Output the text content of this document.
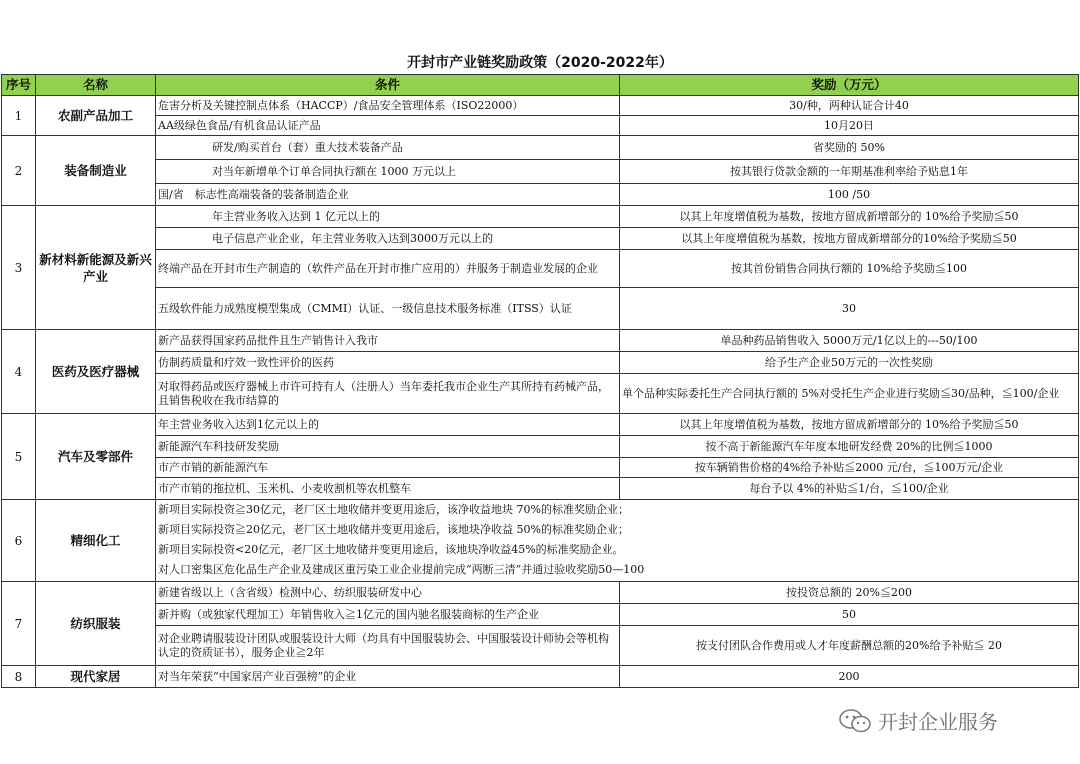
开封市产业链奖励政策（2020-2022年）
序号	名称	条件	奖励（万元）
1	农副产品加工	危害分析及关键控制点体系（HACCP）/食品安全管理体系（ISO22000）	30/种，两种认证合计40
		AA级绿色食品/有机食品认证产品	10月20日
2	装备制造业	研发/购买首台（套）重大技术装备产品	省奖励的 50%
		对当年新增单个订单合同执行额在 1000 万元以上	按其银行贷款金额的一年期基准利率给予贴息1年
		国/省　标志性高端装备的装备制造企业	100 /50
3	新材料新能源及新兴产业	年主营业务收入达到 1 亿元以上的	以其上年度增值税为基数，按地方留成新增部分的 10%给予奖励≦50
		电子信息产业企业，年主营业务收入达到3000万元以上的	以其上年度增值税为基数，按地方留成新增部分的10%给予奖励≦50
		终端产品在开封市生产制造的（软件产品在开封市推广应用的）并服务于制造业发展的企业	按其首份销售合同执行额的 10%给予奖励≦100
		五级软件能力成熟度模型集成（CMMI）认证、一级信息技术服务标准（ITSS）认证	30
4	医药及医疗器械	新产品获得国家药品批件且生产销售计入我市	单品种药品销售收入 5000万元/1亿以上的---50/100
		仿制药质量和疗效一致性评价的医药	给予生产企业50万元的一次性奖励
		对取得药品或医疗器械上市许可持有人（注册人）当年委托我市企业生产其所持有药械产品，且销售税收在我市结算的	单个品种实际委托生产合同执行额的 5%对受托生产企业进行奖励≦30/品种，≦100/企业
5	汽车及零部件	年主营业务收入达到1亿元以上的	以其上年度增值税为基数，按地方留成新增部分的 10%给予奖励≦50
		新能源汽车科技研发奖励	按不高于新能源汽车年度本地研发经费 20%的比例≦1000
		市产市销的新能源汽车	按车辆销售价格的4%给予补贴≦2000 元/台，≦100万元/企业
		市产市销的拖拉机、玉米机、小麦收割机等农机整车	每台予以 4%的补贴≦1/台，≦100/企业
6	精细化工	新项目实际投资≧30亿元，老厂区土地收储并变更用途后，该净收益地块 70%的标准奖励企业；	
		新项目实际投资≧20亿元，老厂区土地收储并变更用途后，该地块净收益 50%的标准奖励企业；	
		新项目实际投资<20亿元，老厂区土地收储并变更用途后，该地块净收益45%的标准奖励企业。	
		对人口密集区危化品生产企业及建成区重污染工业企业提前完成“两断三清”并通过验收奖励50—100	
7	纺织服装	新建省级以上（含省级）检测中心、纺织服装研发中心	按投资总额的 20%≦200
		新并购（或独家代理加工）年销售收入≧1亿元的国内驰名服装商标的生产企业	50
		对企业聘请服装设计团队或服装设计大师（均具有中国服装协会、中国服装设计师协会等机构认定的资质证书），服务企业≧2年	按支付团队合作费用或人才年度薪酬总额的20%给予补贴≦ 20
8	现代家居	对当年荣获“中国家居产业百强榜”的企业	200
开封企业服务
